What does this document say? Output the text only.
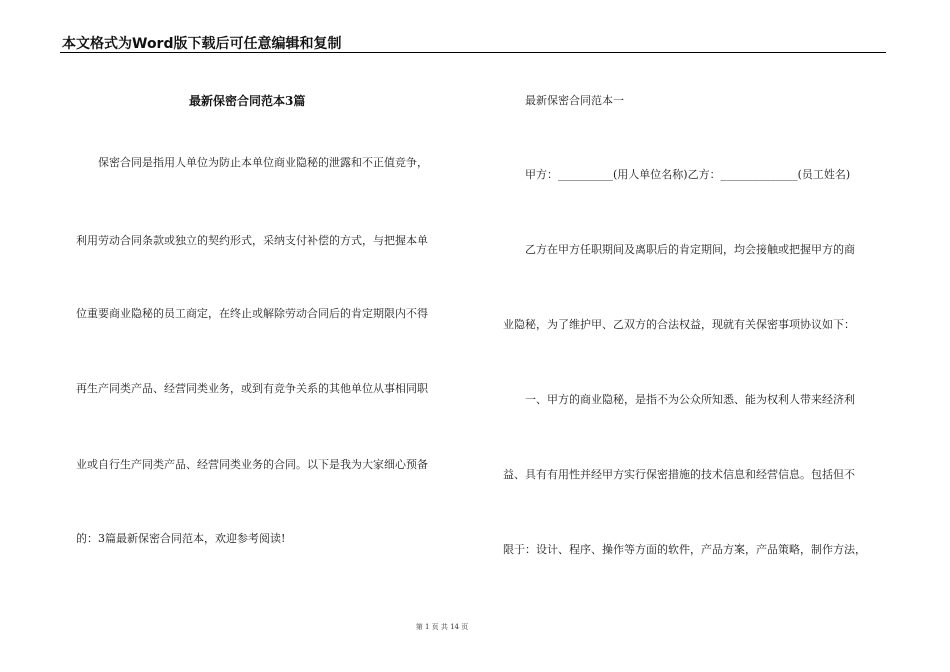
本文格式为Word版下载后可任意编辑和复制
最新保密合同范本3篇
保密合同是指用人单位为防止本单位商业隐秘的泄露和不正值竞争，
利用劳动合同条款或独立的契约形式，采纳支付补偿的方式，与把握本单
位重要商业隐秘的员工商定，在终止或解除劳动合同后的肯定期限内不得
再生产同类产品、经营同类业务，或到有竞争关系的其他单位从事相同职
业或自行生产同类产品、经营同类业务的合同。以下是我为大家细心预备
的：3篇最新保密合同范本，欢迎参考阅读!
最新保密合同范本一
甲方：__________(用人单位名称)乙方：______________(员工姓名)
乙方在甲方任职期间及离职后的肯定期间，均会接触或把握甲方的商
业隐秘，为了维护甲、乙双方的合法权益，现就有关保密事项协议如下：
一、甲方的商业隐秘，是指不为公众所知悉、能为权利人带来经济利
益、具有有用性并经甲方实行保密措施的技术信息和经营信息。包括但不
限于：设计、程序、操作等方面的软件，产品方案，产品策略，制作方法，
第 1 页 共 14 页
